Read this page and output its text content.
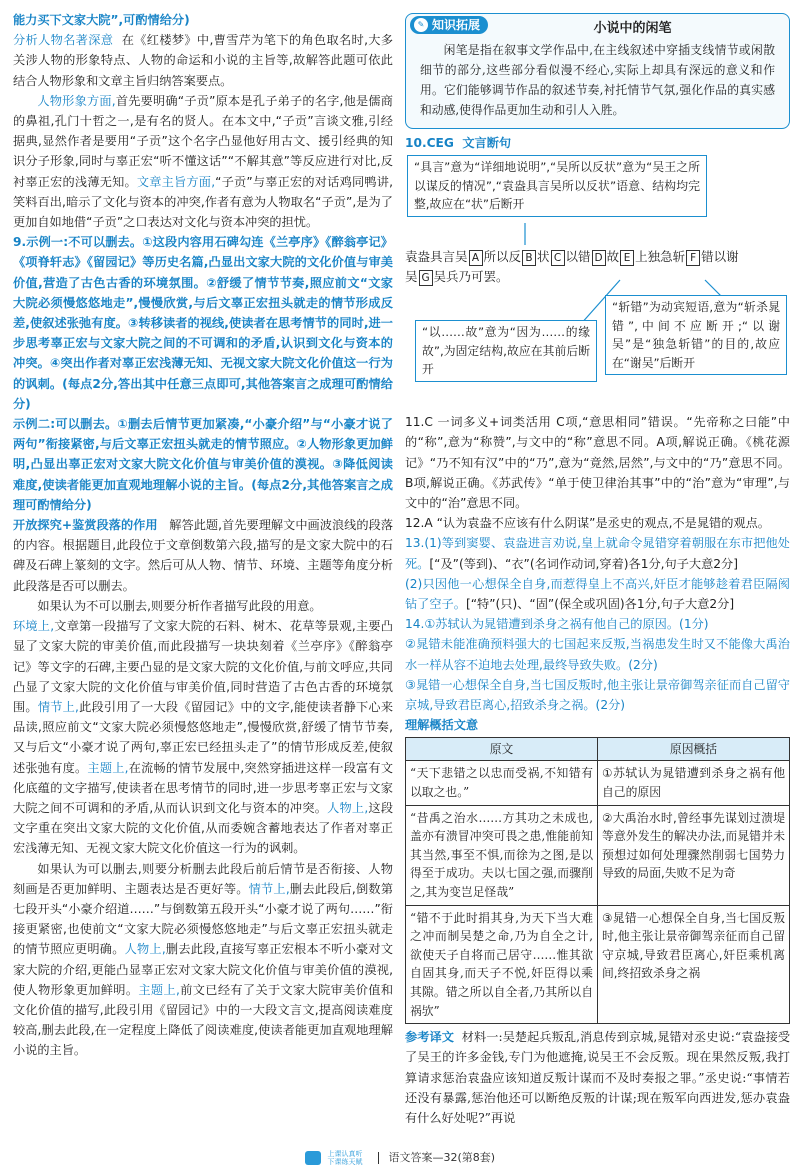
能力买下文家大院”,可酌情给分)

分析人物名著深意 在《红楼梦》中,曹雪芹为笔下的角色取名时,大多关涉人物的形象特点、人物的命运和小说的主旨等,故解答此题可依此结合人物形象和文章主旨归纳答案要点。

人物形象方面,首先要明确“子贡”原本是孔子弟子的名字,他是儒商的鼻祖,孔门十哲之一,是有名的贤人。在本文中,“子贡”言谈文雅,引经据典,显然作者是要用“子贡”这个名字凸显他好用古文、援引经典的知识分子形象,同时与辜正宏“听不懂这话”“不解其意”等反应进行对比,反衬辜正宏的浅薄无知。文章主旨方面,“子贡”与辜正宏的对话鸡同鸭讲,笑料百出,暗示了文化与资本的冲突,作者有意为人物取名“子贡”,是为了更加自如地借“子贡”之口表达对文化与资本冲突的担忧。

9.示例一:不可以删去。①这段内容用石碑勾连《兰亭序》《醉翁亭记》《项脊轩志》《留园记》等历史名篇,凸显出文家大院的文化价值与审美价值,营造了古色古香的环境氛围。②舒缓了情节节奏,照应前文“文家大院必须慢悠悠地走”,慢慢欣赏,与后文辜正宏扭头就走的情节形成反差,使叙述张弛有度。③转移读者的视线,使读者在思考情节的同时,进一步思考辜正宏与文家大院之间的不可调和的矛盾,认识到文化与资本的冲突。④突出作者对辜正宏浅薄无知、无视文家大院文化价值这一行为的讽刺。(每点2分,答出其中任意三点即可,其他答案言之成理可酌情给分)

示例二:可以删去。①删去后情节更加紧凑,“小豪介绍”与“小豪才说了两句”衔接紧密,与后文辜正宏扭头就走的情节照应。②人物形象更加鲜明,凸显出辜正宏对文家大院文化价值与审美价值的漠视。③降低阅读难度,使读者能更加直观地理解小说的主旨。(每点2分,其他答案言之成理可酌情给分)

开放探究+鉴赏段落的作用 解答此题,首先要理解文中画波浪线的段落的内容。根据题目,此段位于文章倒数第六段,描写的是文家大院中的石碑及石碑上篆刻的文字。然后可从人物、情节、环境、主题等角度分析此段落是否可以删去。

如果认为不可以删去,则要分析作者描写此段的用意。

环境上,文章第一段描写了文家大院的石料、树木、花草等景观,主要凸显了文家大院的审美价值,而此段描写一块块刻着《兰亭序》《醉翁亭记》等文字的石碑,主要凸显的是文家大院的文化价值,与前文呼应,共同凸显了文家大院的文化价值与审美价值,同时营造了古色古香的环境氛围。情节上,此段引用了一大段《留园记》中的文字,能使读者静下心来品读,照应前文“文家大院必须慢悠悠地走”,慢慢欣赏,舒缓了情节节奏,又与后文“小豪才说了两句,辜正宏已经扭头走了”的情节形成反差,使叙述张弛有度。主题上,在流畅的情节发展中,突然穿插进这样一段富有文化底蕴的文字描写,使读者在思考情节的同时,进一步思考辜正宏与文家大院之间不可调和的矛盾,从而认识到文化与资本的冲突。人物上,这段文字重在突出文家大院的文化价值,从而委婉含蓄地表达了作者对辜正宏浅薄无知、无视文家大院文化价值这一行为的讽刺。

如果认为可以删去,则要分析删去此段后前后情节是否衔接、人物刻画是否更加鲜明、主题表达是否更好等。情节上,删去此段后,倒数第七段开头“小豪介绍道……”与倒数第五段开头“小豪才说了两句……”衔接更紧密,也使前文“文家大院必须慢悠悠地走”与后文辜正宏扭头就走的情节照应更明确。人物上,删去此段,直接写辜正宏根本不听小豪对文家大院的介绍,更能凸显辜正宏对文家大院文化价值与审美价值的漠视,使人物形象更加鲜明。主题上,前文已经有了关于文家大院审美价值和文化价值的描写,此段引用《留园记》中的一大段文言文,提高阅读难度较高,删去此段,在一定程度上降低了阅读难度,使读者能更加直观地理解小说的主旨。

✎ 知识拓展	小说中的闲笔

闲笔是指在叙事文学作品中,在主线叙述中穿插支线情节或闲散细节的部分,这些部分看似漫不经心,实际上却具有深远的意义和作用。它们能够调节作品的叙述节奏,衬托情节气氛,强化作品的真实感和动感,使得作品更加生动和引人入胜。

10.CEG 文言断句

“具言”意为“详细地说明”,“吴所以反状”意为“吴王之所以谋反的情况”,“袁盎具言吴所以反状”语意、结构均完整,故应在“状”后断开
袁盎具言吴 A 所以反 B 状 C 以错 D 故 E 上独急斩 F 错以谢
吴 G 吴兵乃可罢。
“斩错”为动宾短语,意为“斩杀晁错”,中间不应断开;“以谢吴”是“独急斩错”的目的,故应在“谢吴”后断开
“以……故”意为“因为……的缘故”,为固定结构,故应在其前后断开

11.C 一词多义+词类活用 C项,“意思相同”错误。“先帝称之曰能”中的“称”,意为“称赞”,与文中的“称”意思不同。A项,解说正确。《桃花源记》“乃不知有汉”中的“乃”,意为“竟然,居然”,与文中的“乃”意思不同。B项,解说正确。《苏武传》“单于使卫律治其事”中的“治”意为“审理”,与文中的“治”意思不同。

12.A “认为袁盎不应该有什么阴谋”是丞史的观点,不是晁错的观点。

13.(1)等到窦婴、袁盎进言劝说,皇上就命令晁错穿着朝服在东市把他处死。[“及”(等到)、“衣”(名词作动词,穿着)各1分,句子大意2分]

(2)只因他一心想保全自身,而惹得皇上不高兴,奸臣才能够趁着君臣隔阂钻了空子。[“特”(只)、“固”(保全或巩固)各1分,句子大意2分]

14.①苏轼认为晁错遭到杀身之祸有他自己的原因。(1分)

②晁错未能准确预料强大的七国起来反叛,当祸患发生时又不能像大禹治水一样从容不迫地去处理,最终导致失败。(2分)

③晁错一心想保全自身,当七国反叛时,他主张让景帝御驾亲征而自己留守京城,导致君臣离心,招致杀身之祸。(2分)

理解概括文意

原文	原因概括
“天下悲错之以忠而受祸,不知错有以取之也。”	①苏轼认为晁错遭到杀身之祸有他自己的原因
“昔禹之治水……方其功之未成也,盖亦有溃冒冲突可畏之患,惟能前知其当然,事至不惧,而徐为之图,是以得至于成功。夫以七国之强,而骤削之,其为变岂足怪哉”	②大禹治水时,曾经事先谋划过溃堤等意外发生的解决办法,而晁错并未预想过如何处理骤然削弱七国势力导致的局面,失败不足为奇
“错不于此时捐其身,为天下当大难之冲而制吴楚之命,乃为自全之计,欲使天子自将而己居守……惟其欲自固其身,而天子不悦,奸臣得以乘其隙。错之所以自全者,乃其所以自祸欤”	③晁错一心想保全自身,当七国反叛时,他主张让景帝御驾亲征而自己留守京城,导致君臣离心,奸臣乘机离间,终招致杀身之祸

参考译文 材料一:吴楚起兵叛乱,消息传到京城,晁错对丞史说:“袁盎接受了吴王的许多金钱,专门为他遮掩,说吴王不会反叛。现在果然反叛,我打算请求惩治袁盎应该知道反叛计谋而不及时奏报之罪。”丞史说:“事情若还没有暴露,惩治他还可以断绝反叛的计谋;现在叛军向西进发,惩办袁盎有什么好处呢?”再说

上课认真听
下课练天赋 语文答案—32(第8套)
